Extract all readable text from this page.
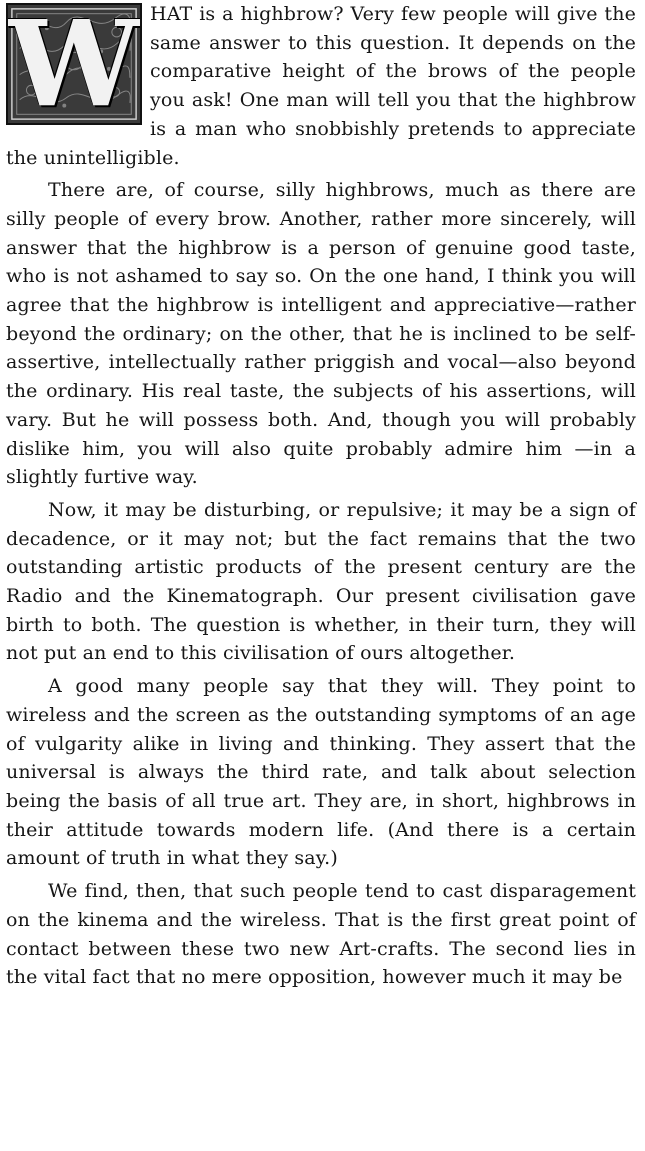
W HAT is a highbrow? Very few people will give the same answer to this question. It depends on the comparative height of the brows of the people you ask! One man will tell you that the highbrow is a man who snobbishly pretends to appreciate the unintelligible.

There are, of course, silly highbrows, much as there are silly people of every brow. Another, rather more sincerely, will answer that the highbrow is a person of genuine good taste, who is not ashamed to say so. On the one hand, I think you will agree that the highbrow is intelligent and appreciative—rather beyond the ordinary; on the other, that he is inclined to be self-assertive, intellectually rather priggish and vocal—also beyond the ordinary. His real taste, the subjects of his assertions, will vary. But he will possess both. And, though you will probably dislike him, you will also quite probably admire him —in a slightly furtive way.

Now, it may be disturbing, or repulsive; it may be a sign of decadence, or it may not; but the fact remains that the two outstanding artistic products of the present century are the Radio and the Kinematograph. Our present civilisation gave birth to both. The question is whether, in their turn, they will not put an end to this civilisation of ours altogether.

A good many people say that they will. They point to wireless and the screen as the outstanding symptoms of an age of vulgarity alike in living and thinking. They assert that the universal is always the third rate, and talk about selection being the basis of all true art. They are, in short, highbrows in their attitude towards modern life. (And there is a certain amount of truth in what they say.)

We find, then, that such people tend to cast disparagement on the kinema and the wireless. That is the first great point of contact between these two new Art-crafts. The second lies in the vital fact that no mere opposition, however much it may be
